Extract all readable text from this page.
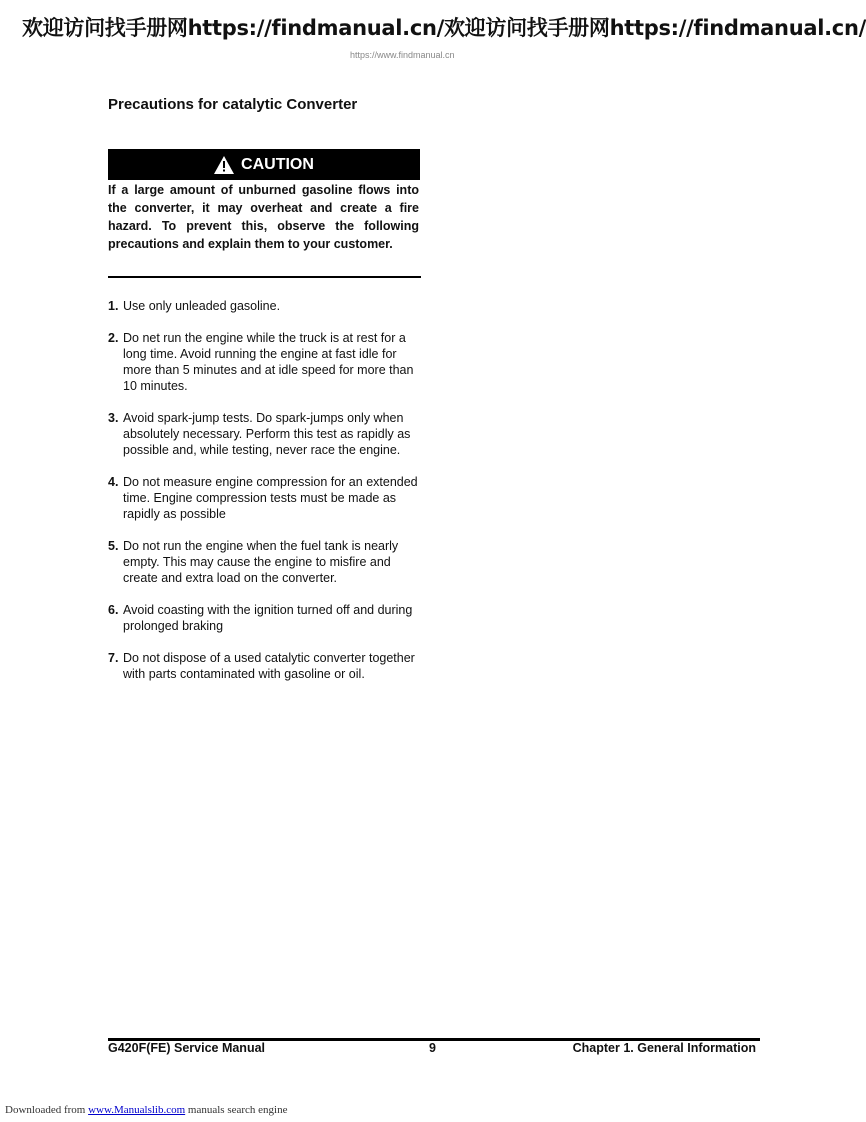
欢迎访问找手册网https://findmanual.cn/欢迎访问找手册网https://findmanual.cn/
https://www.findmanual.cn
Precautions for catalytic Converter
CAUTION
If a large amount of unburned gasoline flows into the converter, it may overheat and create a fire hazard. To prevent this, observe the following precautions and explain them to your customer.
1. Use only unleaded gasoline.
2. Do net run the engine while the truck is at rest for a long time. Avoid running the engine at fast idle for more than 5 minutes and at idle speed for more than 10 minutes.
3. Avoid spark-jump tests. Do spark-jumps only when absolutely necessary. Perform this test as rapidly as possible and, while testing, never race the engine.
4. Do not measure engine compression for an extended time. Engine compression tests must be made as rapidly as possible
5. Do not run the engine when the fuel tank is nearly empty. This may cause the engine to misfire and create and extra load on the converter.
6. Avoid coasting with the ignition turned off and during prolonged braking
7. Do not dispose of a used catalytic converter together with parts contaminated with gasoline or oil.
G420F(FE) Service Manual	9	Chapter 1. General Information
Downloaded from www.Manualslib.com manuals search engine
